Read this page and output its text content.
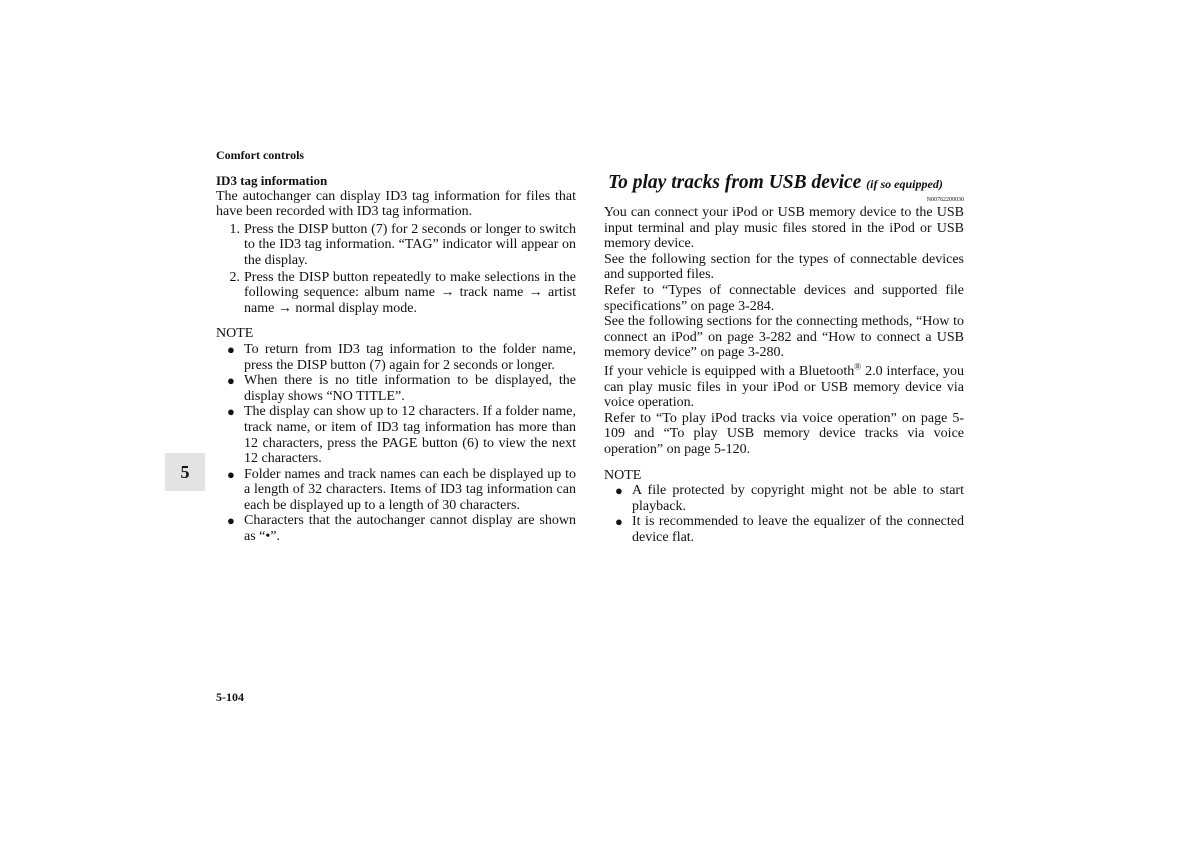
Comfort controls
5
5-104
ID3 tag information

The autochanger can display ID3 tag information for files that have been recorded with ID3 tag information.

1. Press the DISP button (7) for 2 seconds or longer to switch to the ID3 tag information. “TAG” indicator will appear on the display.
2. Press the DISP button repeatedly to make selections in the following sequence: album name → track name → artist name → normal display mode.
NOTE
● To return from ID3 tag information to the folder name, press the DISP button (7) again for 2 seconds or longer.
● When there is no title information to be displayed, the display shows “NO TITLE”.
● The display can show up to 12 characters. If a folder name, track name, or item of ID3 tag information has more than 12 characters, press the PAGE button (6) to view the next 12 characters.
● Folder names and track names can each be displayed up to a length of 32 characters. Items of ID3 tag information can each be displayed up to a length of 30 characters.
● Characters that the autochanger cannot display are shown as “•”.
To play tracks from USB device (if so equipped)
N00762200030

You can connect your iPod or USB memory device to the USB input terminal and play music files stored in the iPod or USB memory device.

See the following section for the types of connectable devices and supported files.

Refer to “Types of connectable devices and supported file specifications” on page 3-284.

See the following sections for the connecting methods, “How to connect an iPod” on page 3-282 and “How to connect a USB memory device” on page 3-280.

If your vehicle is equipped with a Bluetooth® 2.0 interface, you can play music files in your iPod or USB memory device via voice operation.

Refer to “To play iPod tracks via voice operation” on page 5-109 and “To play USB memory device tracks via voice operation” on page 5-120.

NOTE
● A file protected by copyright might not be able to start playback.
● It is recommended to leave the equalizer of the connected device flat.
